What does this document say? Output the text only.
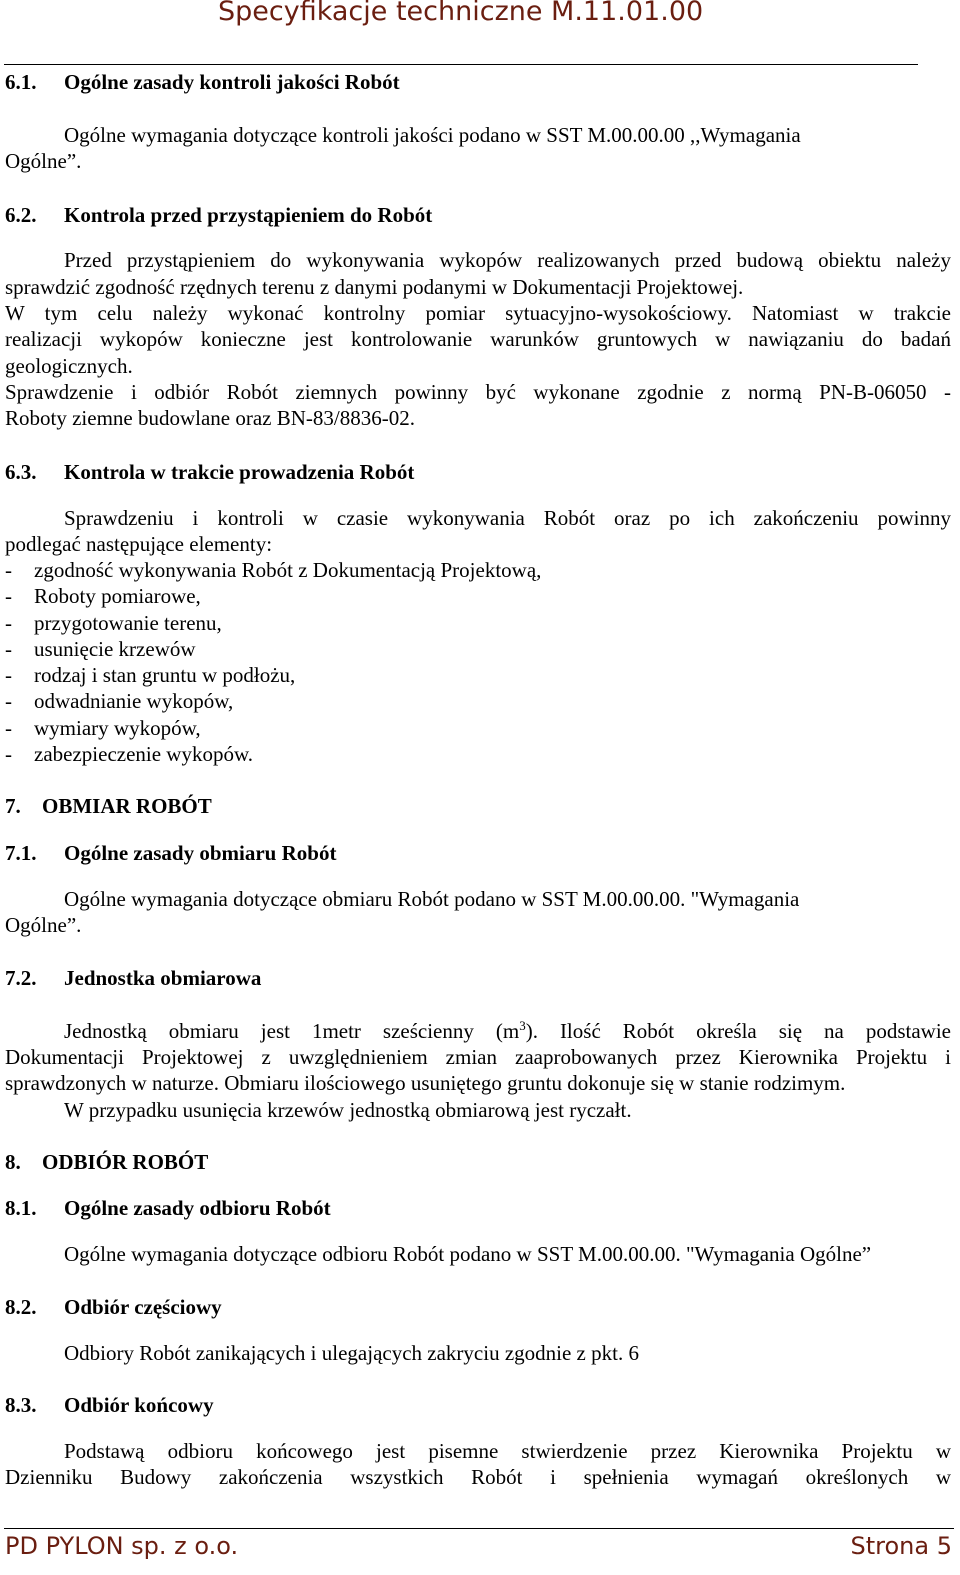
Specyfikacje techniczne M.11.01.00
6.1. Ogólne zasady kontroli jakości Robót
Ogólne wymagania dotyczące kontroli jakości podano w SST M.00.00.00 ,,Wymagania
Ogólne”.
6.2. Kontrola przed przystąpieniem do Robót
Przed przystąpieniem do wykonywania wykopów realizowanych przed budową obiektu należy
sprawdzić zgodność rzędnych terenu z danymi podanymi w Dokumentacji Projektowej.
W tym celu należy wykonać kontrolny pomiar sytuacyjno-wysokościowy. Natomiast w trakcie
realizacji wykopów konieczne jest kontrolowanie warunków gruntowych w nawiązaniu do badań
geologicznych.
Sprawdzenie i odbiór Robót ziemnych powinny być wykonane zgodnie z normą PN-B-06050 -
Roboty ziemne budowlane oraz BN-83/8836-02.
6.3. Kontrola w trakcie prowadzenia Robót
Sprawdzeniu i kontroli w czasie wykonywania Robót oraz po ich zakończeniu powinny
podlegać następujące elementy:
- zgodność wykonywania Robót z Dokumentacją Projektową,
- Roboty pomiarowe,
- przygotowanie terenu,
- usunięcie krzewów
- rodzaj i stan gruntu w podłożu,
- odwadnianie wykopów,
- wymiary wykopów,
- zabezpieczenie wykopów.
7. OBMIAR ROBÓT
7.1. Ogólne zasady obmiaru Robót
Ogólne wymagania dotyczące obmiaru Robót podano w SST M.00.00.00. "Wymagania
Ogólne”.
7.2. Jednostka obmiarowa
Jednostką obmiaru jest 1metr sześcienny $(m^3)$. Ilość Robót określa się na podstawie
Dokumentacji Projektowej z uwzględnieniem zmian zaaprobowanych przez Kierownika Projektu i
sprawdzonych w naturze. Obmiaru ilościowego usuniętego gruntu dokonuje się w stanie rodzimym.
W przypadku usunięcia krzewów jednostką obmiarową jest ryczałt.
8. ODBIÓR ROBÓT
8.1. Ogólne zasady odbioru Robót
Ogólne wymagania dotyczące odbioru Robót podano w SST M.00.00.00. "Wymagania Ogólne”
8.2. Odbiór częściowy
Odbiory Robót zanikających i ulegających zakryciu zgodnie z pkt. 6
8.3. Odbiór końcowy
Podstawą odbioru końcowego jest pisemne stwierdzenie przez Kierownika Projektu w
Dzienniku Budowy zakończenia wszystkich Robót i spełnienia wymagań określonych w
PD PYLON sp. z o.o.	Strona 5
